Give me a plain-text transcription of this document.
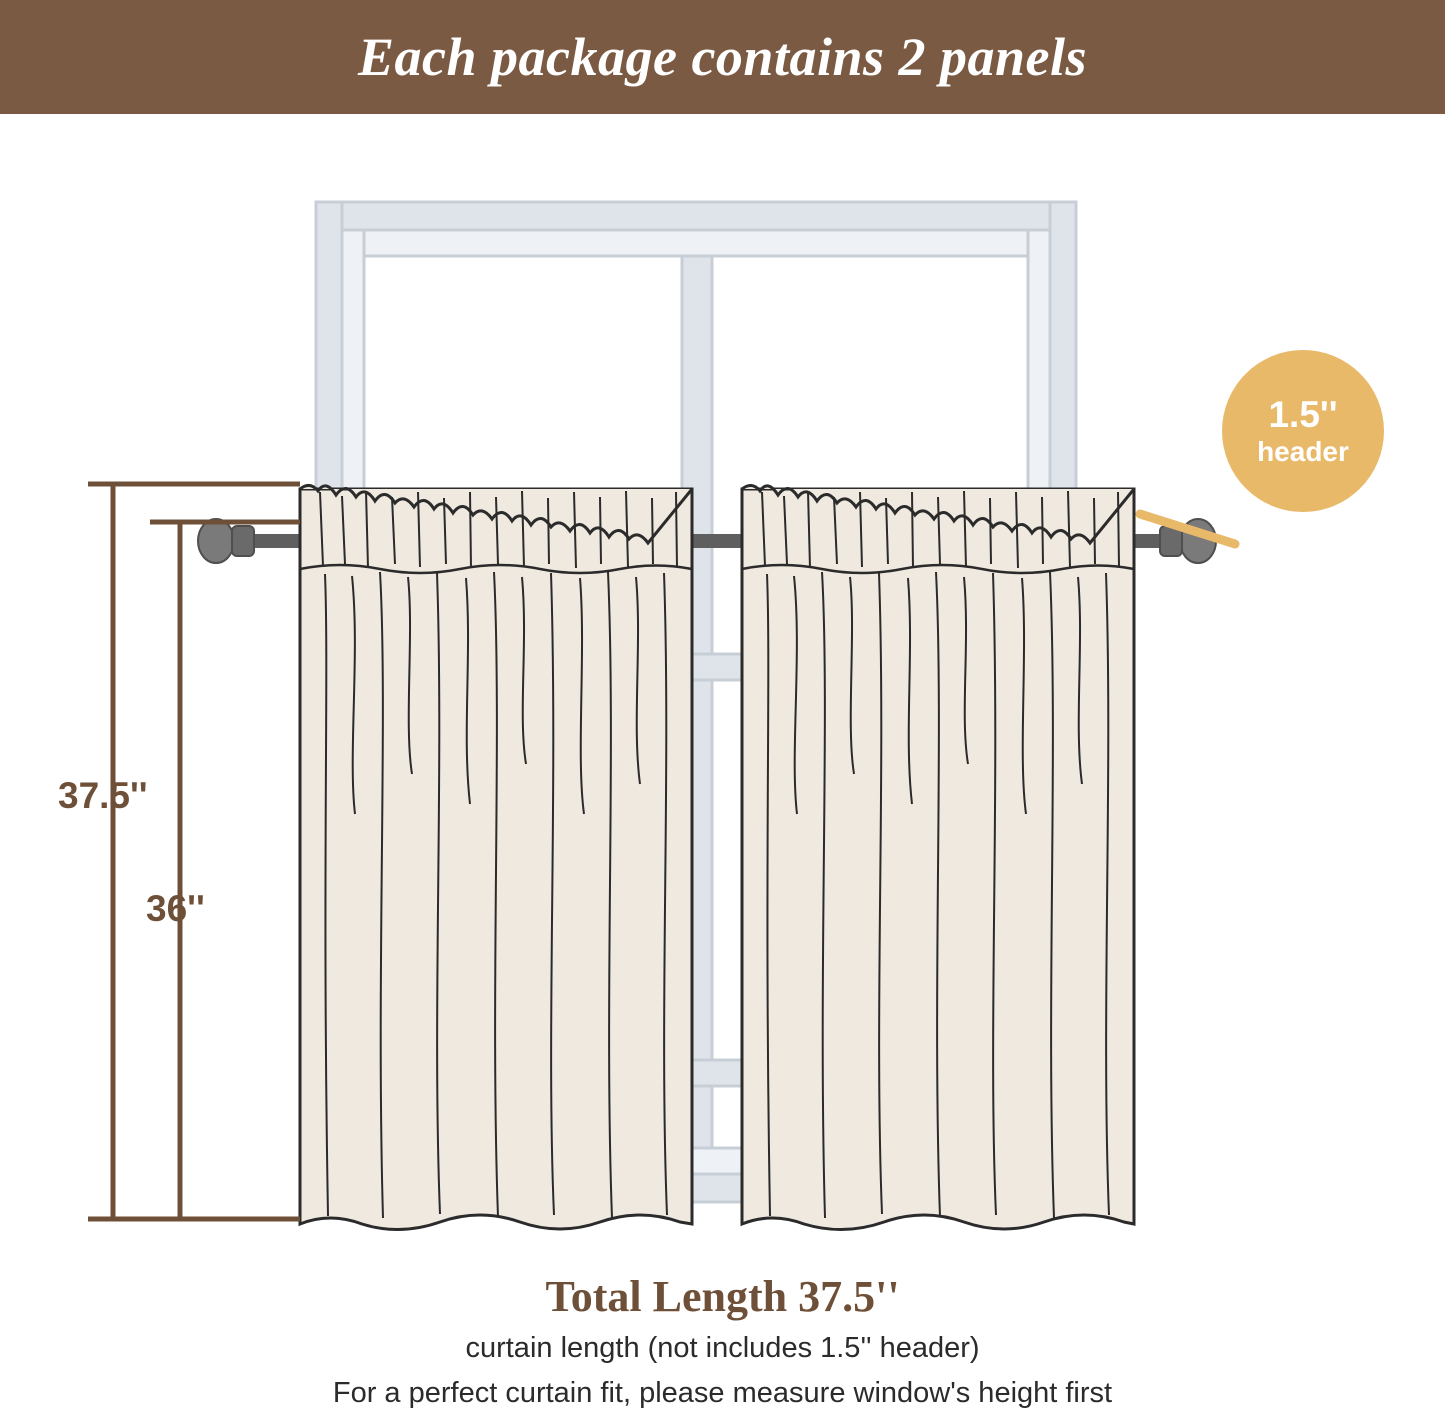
Each package contains 2 panels
1.5''
header
37.5''
36''
Total Length 37.5''
curtain length (not includes 1.5'' header)
For a perfect curtain fit, please measure window's height first
